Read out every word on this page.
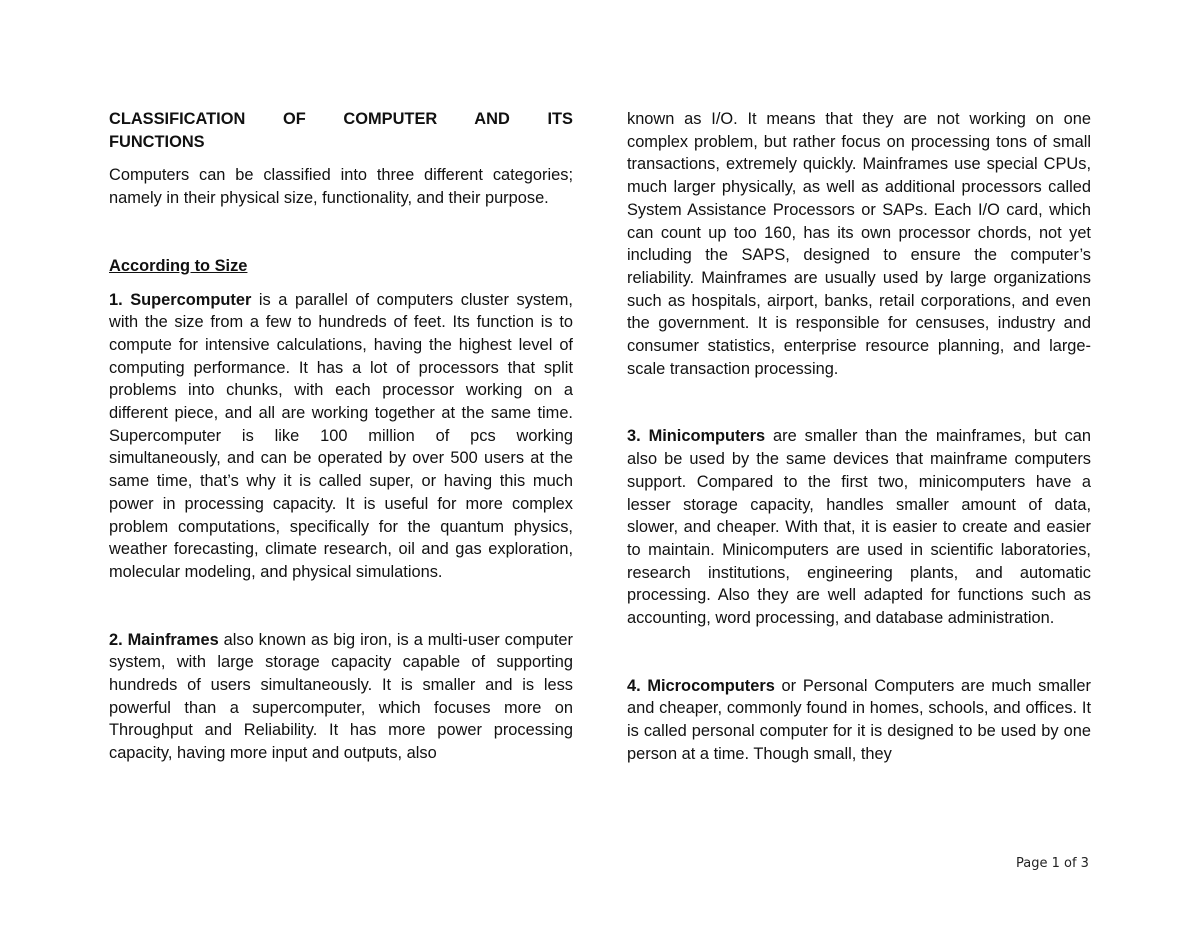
CLASSIFICATION OF COMPUTER AND ITS
FUNCTIONS

Computers can be classified into three different categories; namely in their physical size, functionality, and their purpose.

According to Size

1. Supercomputer is a parallel of computers cluster system, with the size from a few to hundreds of feet. Its function is to compute for intensive calculations, having the highest level of computing performance. It has a lot of processors that split problems into chunks, with each processor working on a different piece, and all are working together at the same time. Supercomputer is like 100 million of pcs working simultaneously, and can be operated by over 500 users at the same time, that’s why it is called super, or having this much power in processing capacity. It is useful for more complex problem computations, specifically for the quantum physics, weather forecasting, climate research, oil and gas exploration, molecular modeling, and physical simulations.

2. Mainframes also known as big iron, is a multi-user computer system, with large storage capacity capable of supporting hundreds of users simultaneously. It is smaller and is less powerful than a supercomputer, which focuses more on Throughput and Reliability. It has more power processing capacity, having more input and outputs, also

known as I/O. It means that they are not working on one complex problem, but rather focus on processing tons of small transactions, extremely quickly. Mainframes use special CPUs, much larger physically, as well as additional processors called System Assistance Processors or SAPs. Each I/O card, which can count up too 160, has its own processor chords, not yet including the SAPS, designed to ensure the computer’s reliability. Mainframes are usually used by large organizations such as hospitals, airport, banks, retail corporations, and even the government. It is responsible for censuses, industry and consumer statistics, enterprise resource planning, and large-scale transaction processing.

3. Minicomputers are smaller than the mainframes, but can also be used by the same devices that mainframe computers support. Compared to the first two, minicomputers have a lesser storage capacity, handles smaller amount of data, slower, and cheaper. With that, it is easier to create and easier to maintain. Minicomputers are used in scientific laboratories, research institutions, engineering plants, and automatic processing. Also they are well adapted for functions such as accounting, word processing, and database administration.

4. Microcomputers or Personal Computers are much smaller and cheaper, commonly found in homes, schools, and offices. It is called personal computer for it is designed to be used by one person at a time. Though small, they

Page 1 of 3
